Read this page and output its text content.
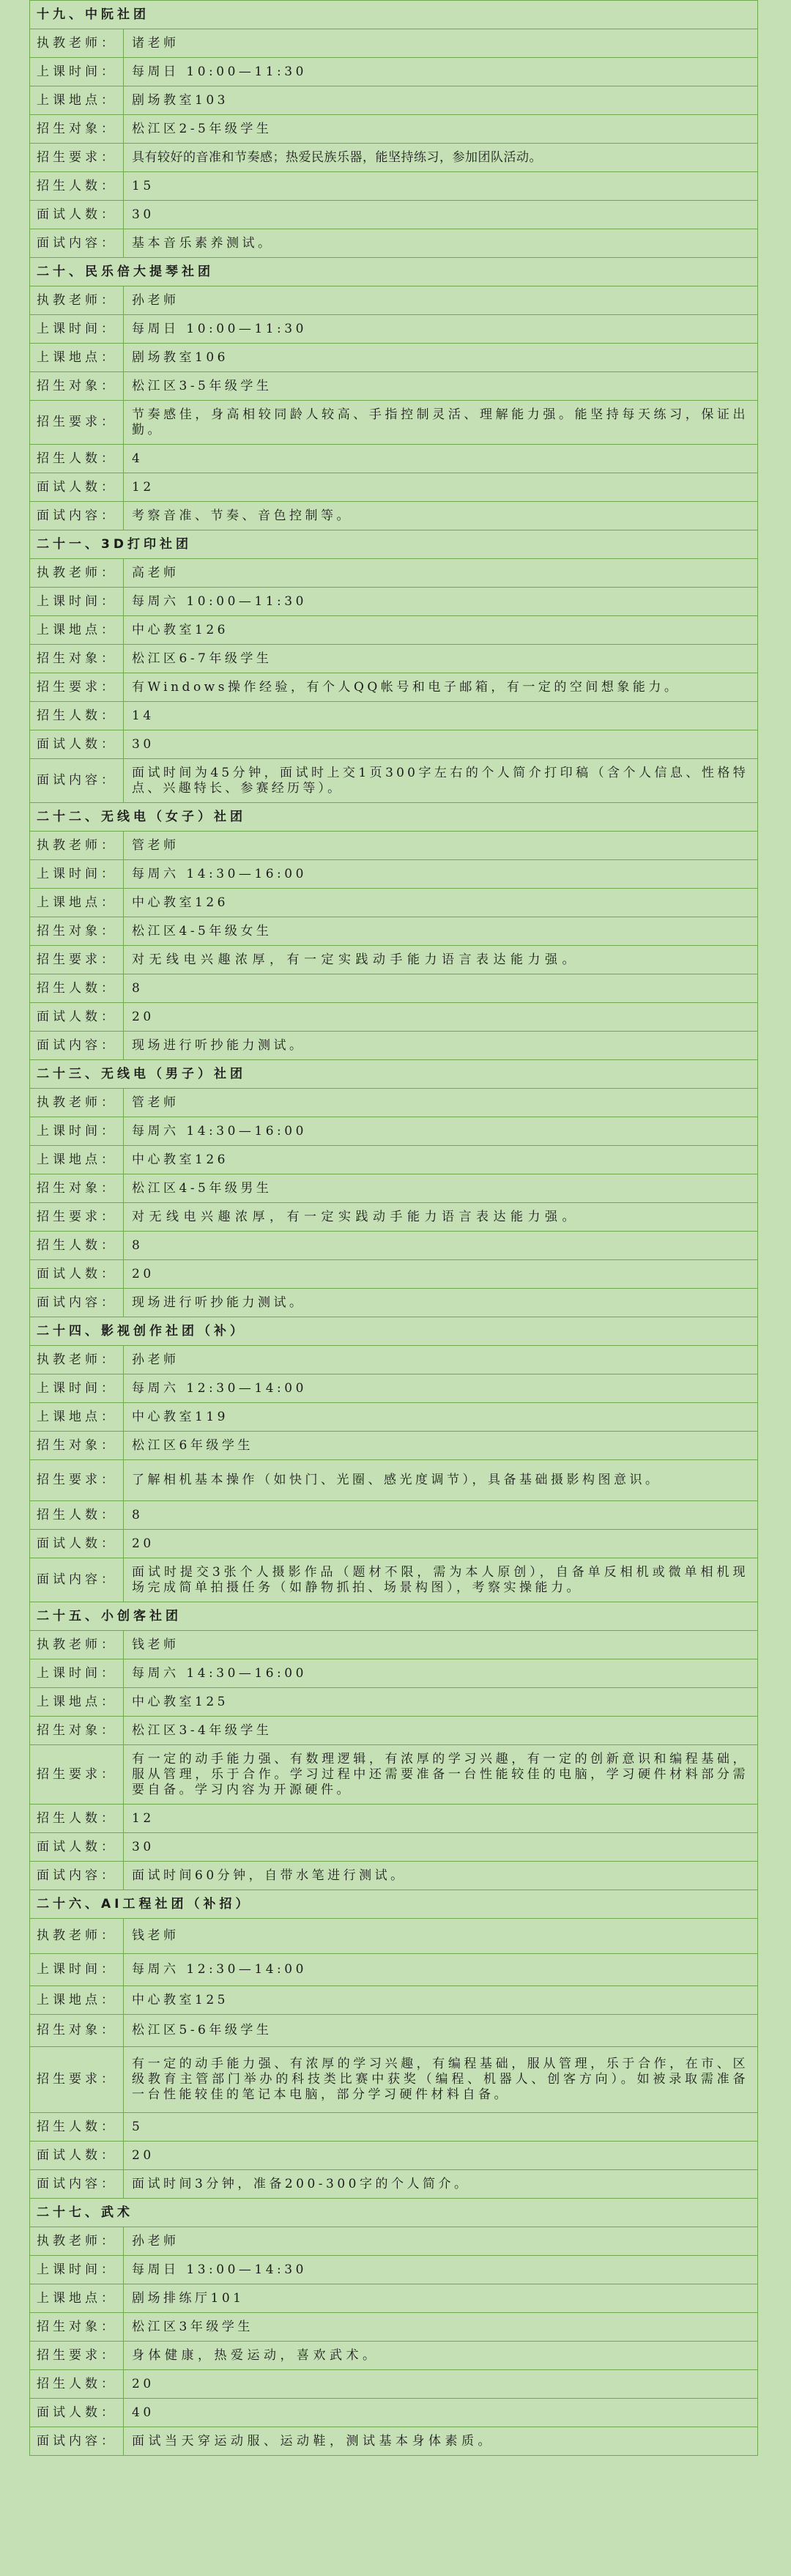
十九、中阮社团	
执教老师：	诸老师
上课时间：	每周日 10:00—11:30
上课地点：	剧场教室103
招生对象：	松江区2-5年级学生
招生要求：	具有较好的音准和节奏感；热爱民族乐器，能坚持练习，参加团队活动。
招生人数：	15
面试人数：	30
面试内容：	基本音乐素养测试。
二十、民乐倍大提琴社团	
执教老师：	孙老师
上课时间：	每周日 10:00—11:30
上课地点：	剧场教室106
招生对象：	松江区3-5年级学生
招生要求：	节奏感佳，身高相较同龄人较高、手指控制灵活、理解能力强。能坚持每天练习，保证出勤。
招生人数：	4
面试人数：	12
面试内容：	考察音准、节奏、音色控制等。
二十一、3D打印社团	
执教老师：	高老师
上课时间：	每周六 10:00—11:30
上课地点：	中心教室126
招生对象：	松江区6-7年级学生
招生要求：	有Windows操作经验，有个人QQ帐号和电子邮箱，有一定的空间想象能力。
招生人数：	14
面试人数：	30
面试内容：	面试时间为45分钟，面试时上交1页300字左右的个人简介打印稿（含个人信息、性格特点、兴趣特长、参赛经历等）。
二十二、无线电（女子）社团	
执教老师：	管老师
上课时间：	每周六 14:30—16:00
上课地点：	中心教室126
招生对象：	松江区4-5年级女生
招生要求：	对无线电兴趣浓厚，有一定实践动手能力语言表达能力强。
招生人数：	8
面试人数：	20
面试内容：	现场进行听抄能力测试。
二十三、无线电（男子）社团	
执教老师：	管老师
上课时间：	每周六 14:30—16:00
上课地点：	中心教室126
招生对象：	松江区4-5年级男生
招生要求：	对无线电兴趣浓厚，有一定实践动手能力语言表达能力强。
招生人数：	8
面试人数：	20
面试内容：	现场进行听抄能力测试。
二十四、影视创作社团（补）	
执教老师：	孙老师
上课时间：	每周六 12:30—14:00
上课地点：	中心教室119
招生对象：	松江区6年级学生
招生要求：	了解相机基本操作（如快门、光圈、感光度调节），具备基础摄影构图意识。
招生人数：	8
面试人数：	20
面试内容：	面试时提交3张个人摄影作品（题材不限，需为本人原创），自备单反相机或微单相机现场完成简单拍摄任务（如静物抓拍、场景构图），考察实操能力。
二十五、小创客社团	
执教老师：	钱老师
上课时间：	每周六 14:30—16:00
上课地点：	中心教室125
招生对象：	松江区3-4年级学生
招生要求：	有一定的动手能力强、有数理逻辑，有浓厚的学习兴趣，有一定的创新意识和编程基础，服从管理，乐于合作。学习过程中还需要准备一台性能较佳的电脑，学习硬件材料部分需要自备。学习内容为开源硬件。
招生人数：	12
面试人数：	30
面试内容：	面试时间60分钟，自带水笔进行测试。
二十六、AI工程社团（补招）	
执教老师：	钱老师
上课时间：	每周六 12:30—14:00
上课地点：	中心教室125
招生对象：	松江区5-6年级学生
招生要求：	有一定的动手能力强、有浓厚的学习兴趣，有编程基础，服从管理，乐于合作，在市、区级教育主管部门举办的科技类比赛中获奖（编程、机器人、创客方向）。如被录取需准备一台性能较佳的笔记本电脑，部分学习硬件材料自备。
招生人数：	5
面试人数：	20
面试内容：	面试时间3分钟，准备200-300字的个人简介。
二十七、武术	
执教老师：	孙老师
上课时间：	每周日 13:00—14:30
上课地点：	剧场排练厅101
招生对象：	松江区3年级学生
招生要求：	身体健康，热爱运动，喜欢武术。
招生人数：	20
面试人数：	40
面试内容：	面试当天穿运动服、运动鞋，测试基本身体素质。
